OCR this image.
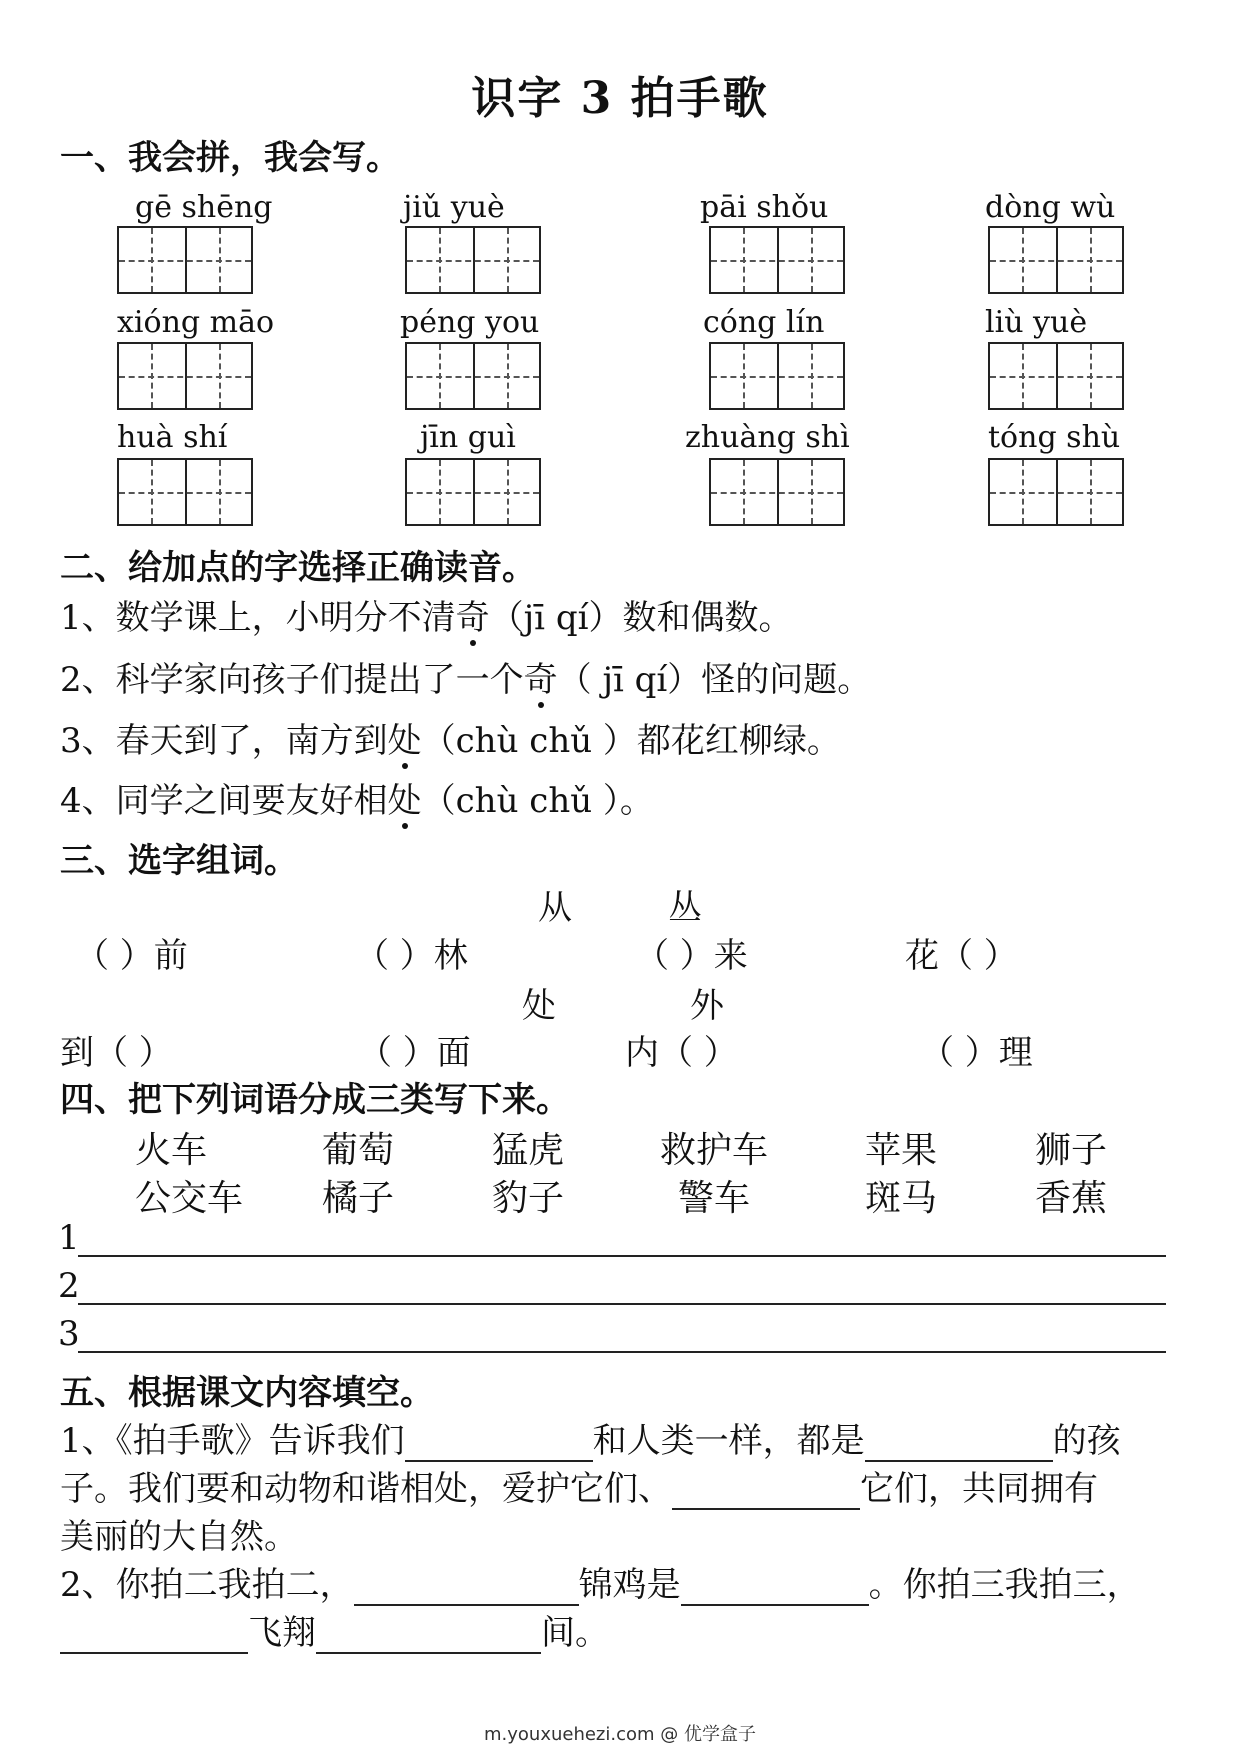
识字 3 拍手歌
一、我会拼，我会写。
gē shēng	jiǔ yuè	pāi shǒu	dòng wù
xióng māo	péng you	cóng lín	liù yuè
huà shí	jīn guì	zhuàng shì	tóng shù
二、给加点的字选择正确读音。
1、数学课上，小明分不清奇（jī qí）数和偶数。
2、科学家向孩子们提出了一个奇（ jī qí）怪的问题。
3、春天到了，南方到处（chù chǔ ）都花红柳绿。
4、同学之间要友好相处（chù chǔ ）。
三、选字组词。
从	丛
（ ）前	（ ）林	（ ）来	花（ ）
处	外
到（ ）	（ ）面	内（ ）	（ ）理
四、把下列词语分成三类写下来。
火车	葡萄	猛虎	救护车	苹果	狮子
公交车 橘子	豹子	警车	斑马	香蕉
1
2
3
五、根据课文内容填空。
1、《拍手歌》告诉我们	和人类一样，都是	的孩
子。我们要和动物和谐相处，爱护它们、	它们，共同拥有
美丽的大自然。
2、你拍二我拍二，	锦鸡是	。你拍三我拍三，
飞翔	间。
m.youxuehezi.com @ 优学盒子
